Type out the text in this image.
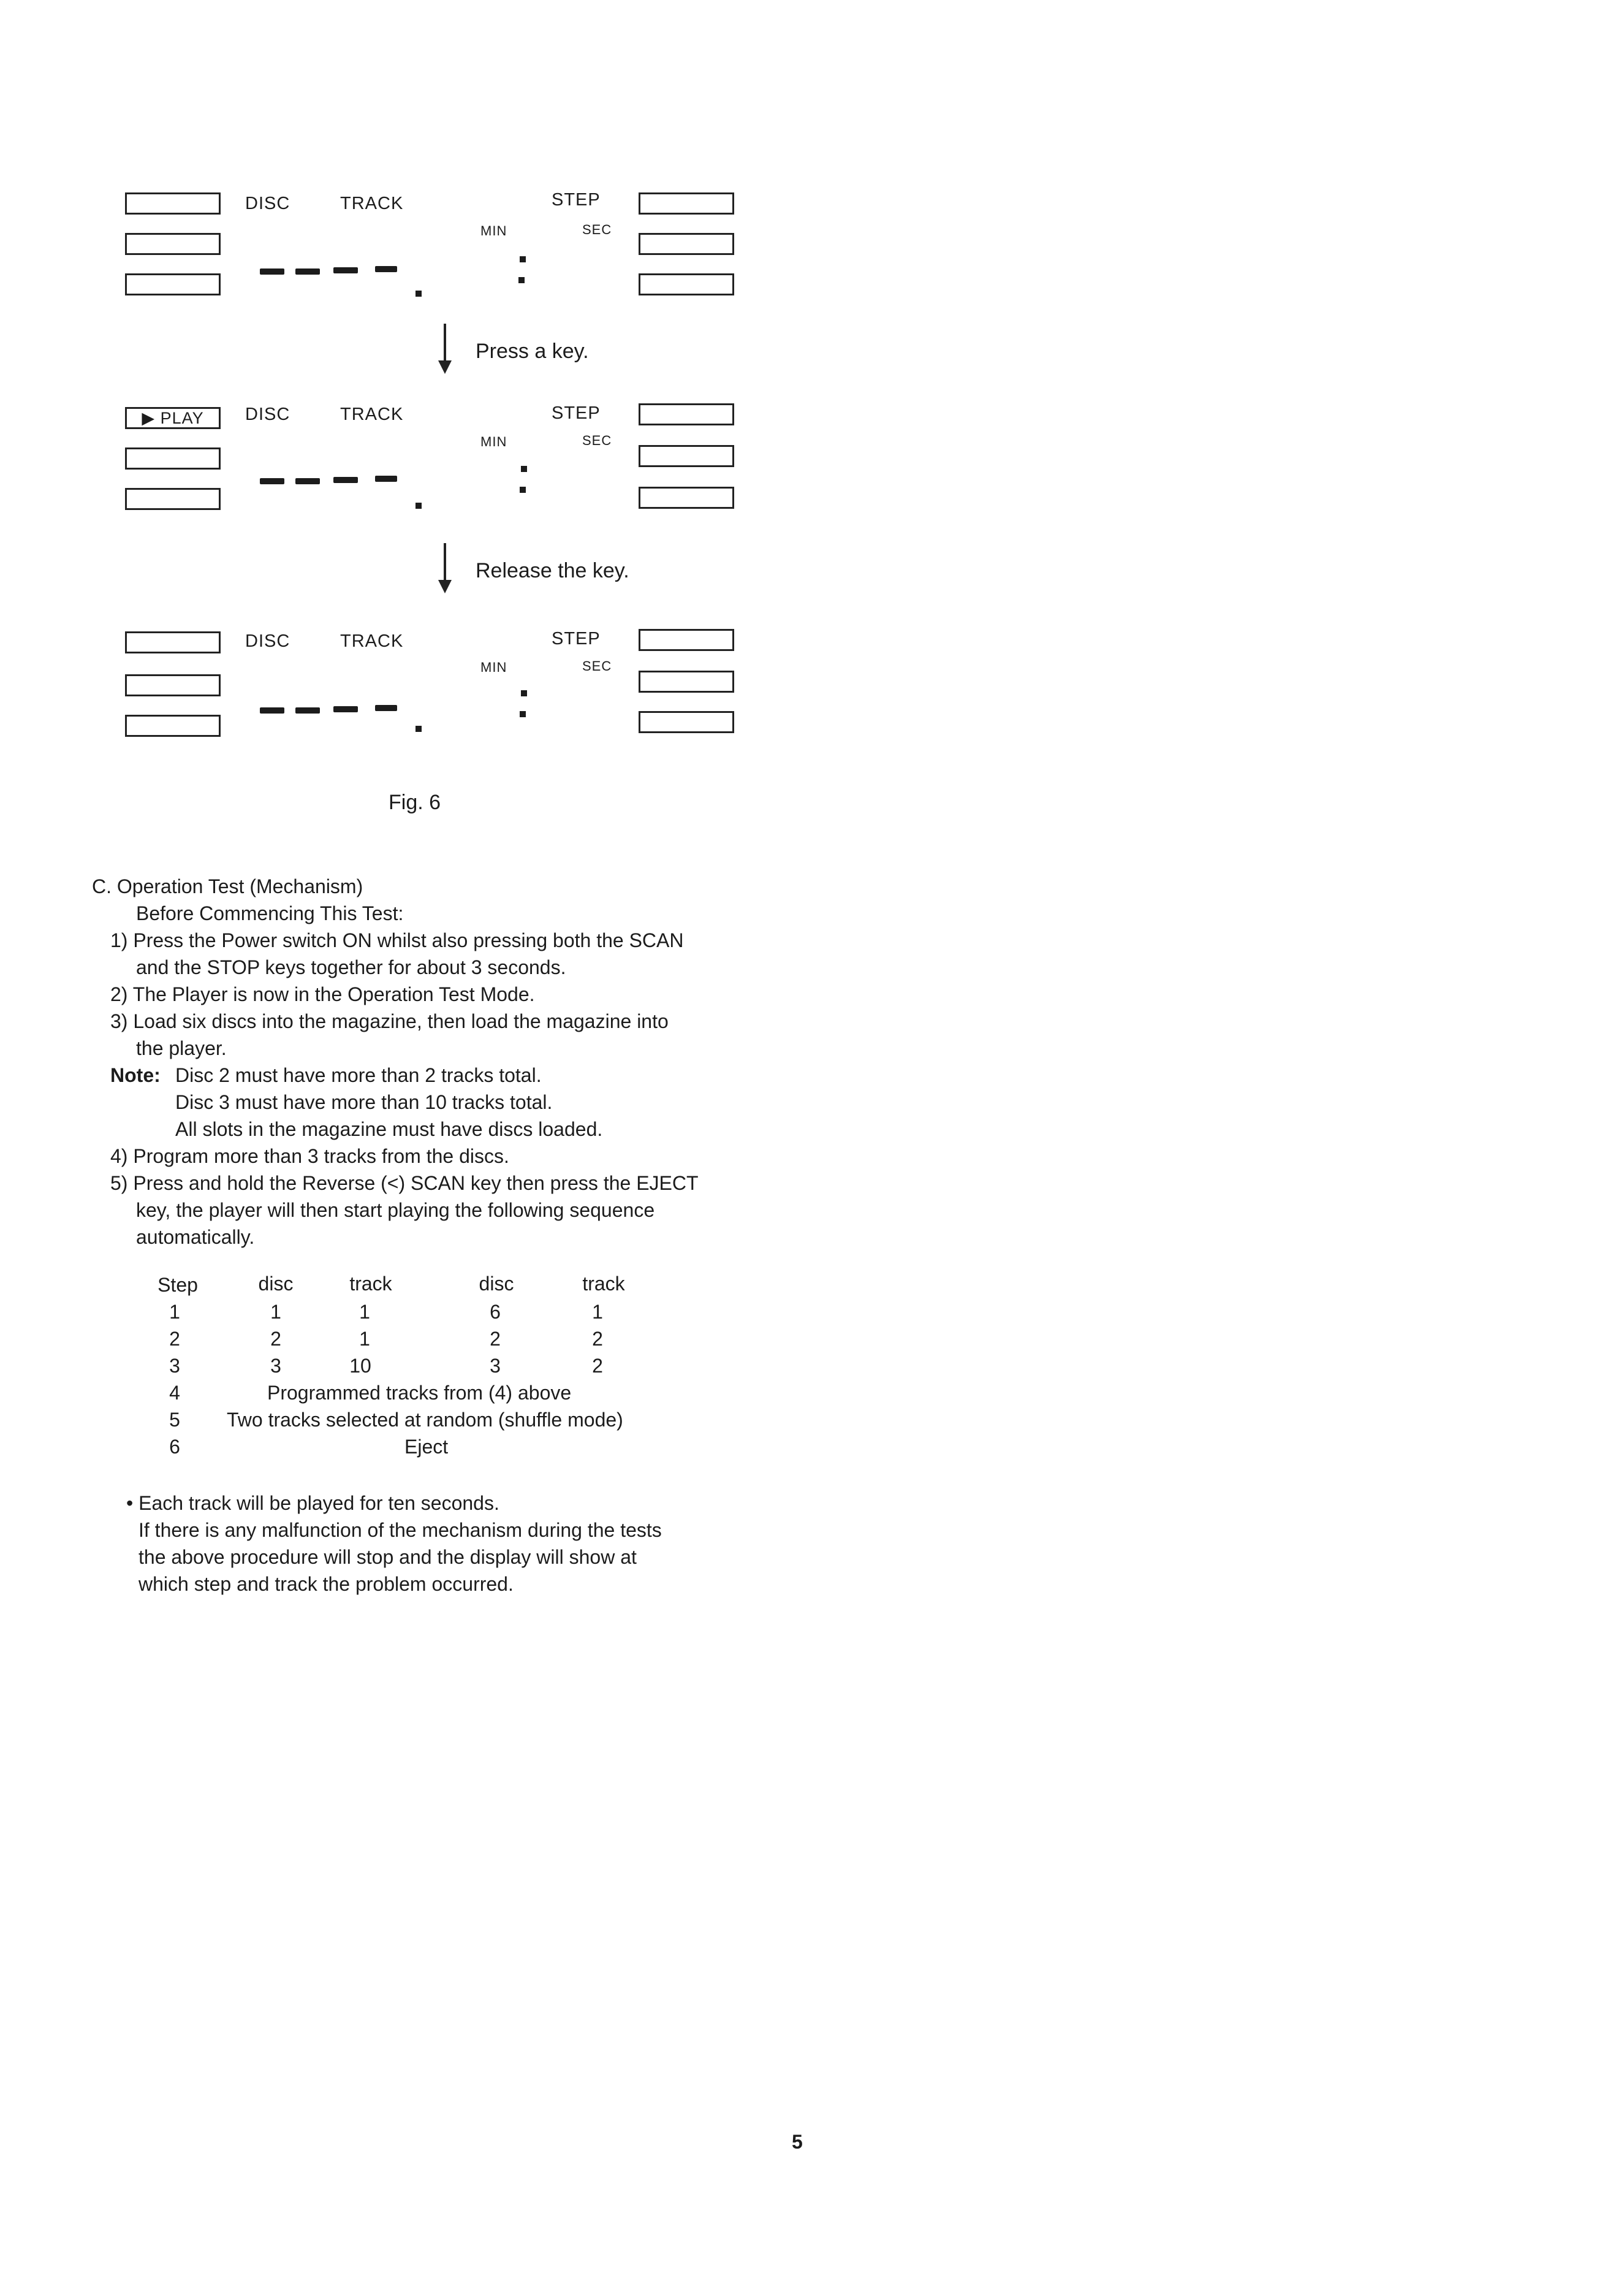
DISC	TRACK	STEP
MIN	SEC
Press a key.
▶ PLAY DISC	TRACK	STEP
MIN	SEC
Release the key.
DISC	TRACK	STEP
MIN	SEC
Fig. 6
C. Operation Test (Mechanism)
Before Commencing This Test:
1) Press the Power switch ON whilst also pressing both the SCAN
and the STOP keys together for about 3 seconds.
2) The Player is now in the Operation Test Mode.
3) Load six discs into the magazine, then load the magazine into
the player.
Note: Disc 2 must have more than 2 tracks total.
Disc 3 must have more than 10 tracks total.
All slots in the magazine must have discs loaded.
4) Program more than 3 tracks from the discs.
5) Press and hold the Reverse (<) SCAN key then press the EJECT
key, the player will then start playing the following sequence
automatically.
Step	disc	track	disc	track
1	1	1	6	1
2	2	1	2	2
3	3	10	3	2
4	Programmed tracks from (4) above
5	Two tracks selected at random (shuffle mode)
6	Eject
• Each track will be played for ten seconds.
If there is any malfunction of the mechanism during the tests
the above procedure will stop and the display will show at
which step and track the problem occurred.
5
